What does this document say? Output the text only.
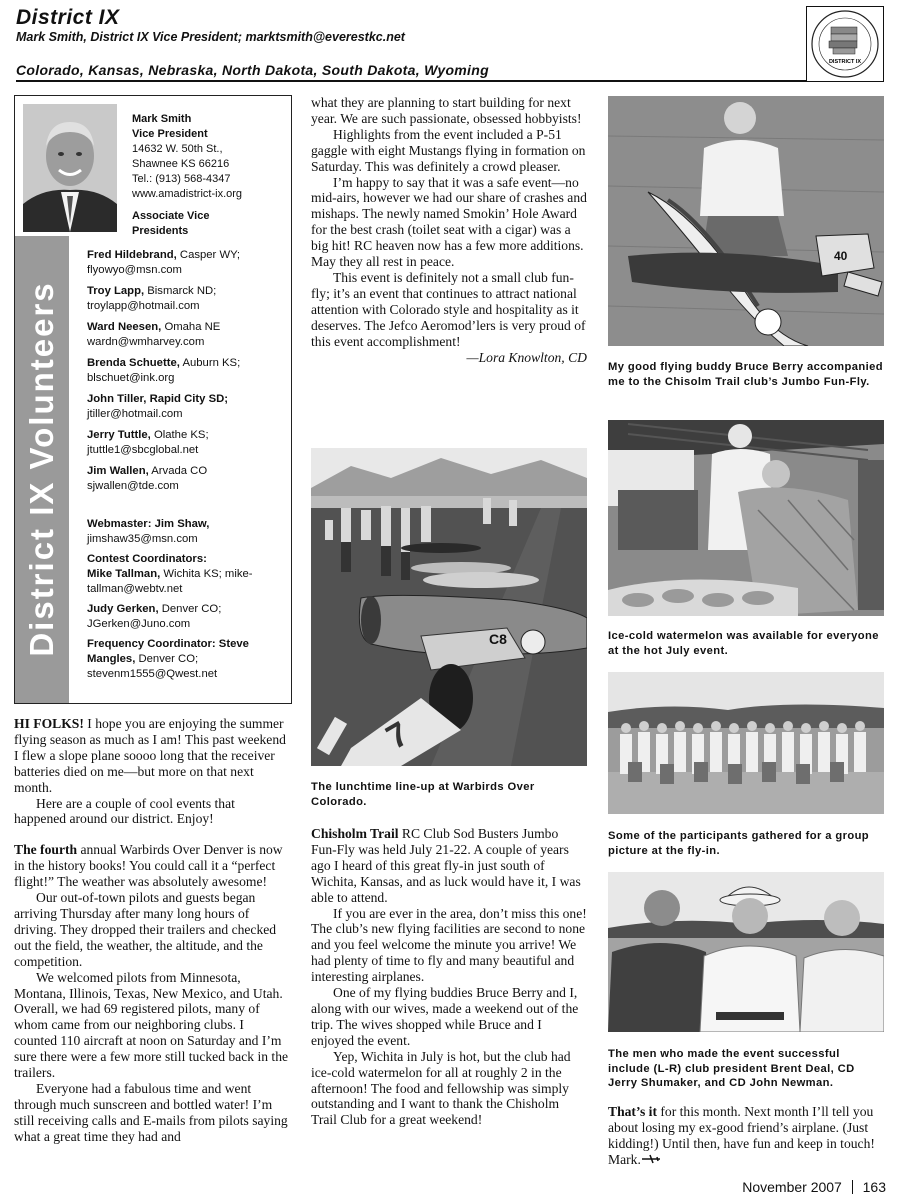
District IX
Mark Smith, District IX Vice President; marktsmith@everestkc.net
Colorado, Kansas, Nebraska, North Dakota, South Dakota, Wyoming	DISTRICT IX
Mark Smith
Vice President
14632 W. 50th St.,
Shawnee KS 66216
Tel.: (913) 568-4347
www.amadistrict-ix.org
Associate Vice
Presidents
District IX Volunteers
Fred Hildebrand, Casper WY;
flyowyo@msn.com
Troy Lapp, Bismarck ND;
troylapp@hotmail.com
Ward Neesen, Omaha NE
wardn@wmharvey.com
Brenda Schuette, Auburn KS;
blschuet@ink.org
John Tiller, Rapid City SD;
jtiller@hotmail.com
Jerry Tuttle, Olathe KS;
jtuttle1@sbcglobal.net
Jim Wallen, Arvada CO
sjwallen@tde.com
Webmaster: Jim Shaw,
jimshaw35@msn.com
Contest Coordinators:
Mike Tallman, Wichita KS; mike-tallman@webtv.net
Judy Gerken, Denver CO; JGerken@Juno.com
Frequency Coordinator: Steve Mangles, Denver CO;
stevenm1555@Qwest.net

HI FOLKS! I hope you are enjoying the summer flying season as much as I am! This past weekend I flew a slope plane soooo long that the receiver batteries died on me—but more on that next month.

Here are a couple of cool events that happened around our district. Enjoy!

The fourth annual Warbirds Over Denver is now in the history books! You could call it a “perfect flight!” The weather was absolutely awesome!

Our out-of-town pilots and guests began arriving Thursday after many long hours of driving. They dropped their trailers and checked out the field, the weather, the altitude, and the competition.

We welcomed pilots from Minnesota, Montana, Illinois, Texas, New Mexico, and Utah. Overall, we had 69 registered pilots, many of whom came from our neighboring clubs. I counted 110 aircraft at noon on Saturday and I’m sure there were a few more still tucked back in the trailers.

Everyone had a fabulous time and went through much sunscreen and bottled water! I’m still receiving calls and E-mails from pilots saying what a great time they had and

what they are planning to start building for next year. We are such passionate, obsessed hobbyists!

Highlights from the event included a P-51 gaggle with eight Mustangs flying in formation on Saturday. This was definitely a crowd pleaser.

I’m happy to say that it was a safe event—no mid-airs, however we had our share of crashes and mishaps. The newly named Smokin’ Hole Award for the best crash (toilet seat with a cigar) was a big hit! RC heaven now has a few more additions. May they all rest in peace.

This event is definitely not a small club fun-fly; it’s an event that continues to attract national attention with Colorado style and hospitality as it deserves. The Jefco Aeromod’lers is very proud of this event accomplishment!

—Lora Knowlton, CD

C8
7
The lunchtime line-up at Warbirds Over Colorado.

Chisholm Trail RC Club Sod Busters Jumbo Fun-Fly was held July 21-22. A couple of years ago I heard of this great fly-in just south of Wichita, Kansas, and as luck would have it, I was able to attend.

If you are ever in the area, don’t miss this one! The club’s new flying facilities are second to none and you feel welcome the minute you arrive! We had plenty of time to fly and many beautiful and interesting airplanes.

One of my flying buddies Bruce Berry and I, along with our wives, made a weekend out of the trip. The wives shopped while Bruce and I enjoyed the event.

Yep, Wichita in July is hot, but the club had ice-cold watermelon for all at roughly 2 in the afternoon! The food and fellowship was simply outstanding and I want to thank the Chisholm Trail Club for a great weekend!

40
My good flying buddy Bruce Berry accompanied me to the Chisolm Trail club’s Jumbo Fun-Fly.
Ice-cold watermelon was available for everyone at the hot July event.
Some of the participants gathered for a group picture at the fly-in.
The men who made the event successful include (L-R) club president Brent Deal, CD Jerry Shumaker, and CD John Newman.

That’s it for this month. Next month I’ll tell you about losing my ex-good friend’s airplane. (Just kidding!) Until then, have fun and keep in touch! Mark.

November 2007 163
